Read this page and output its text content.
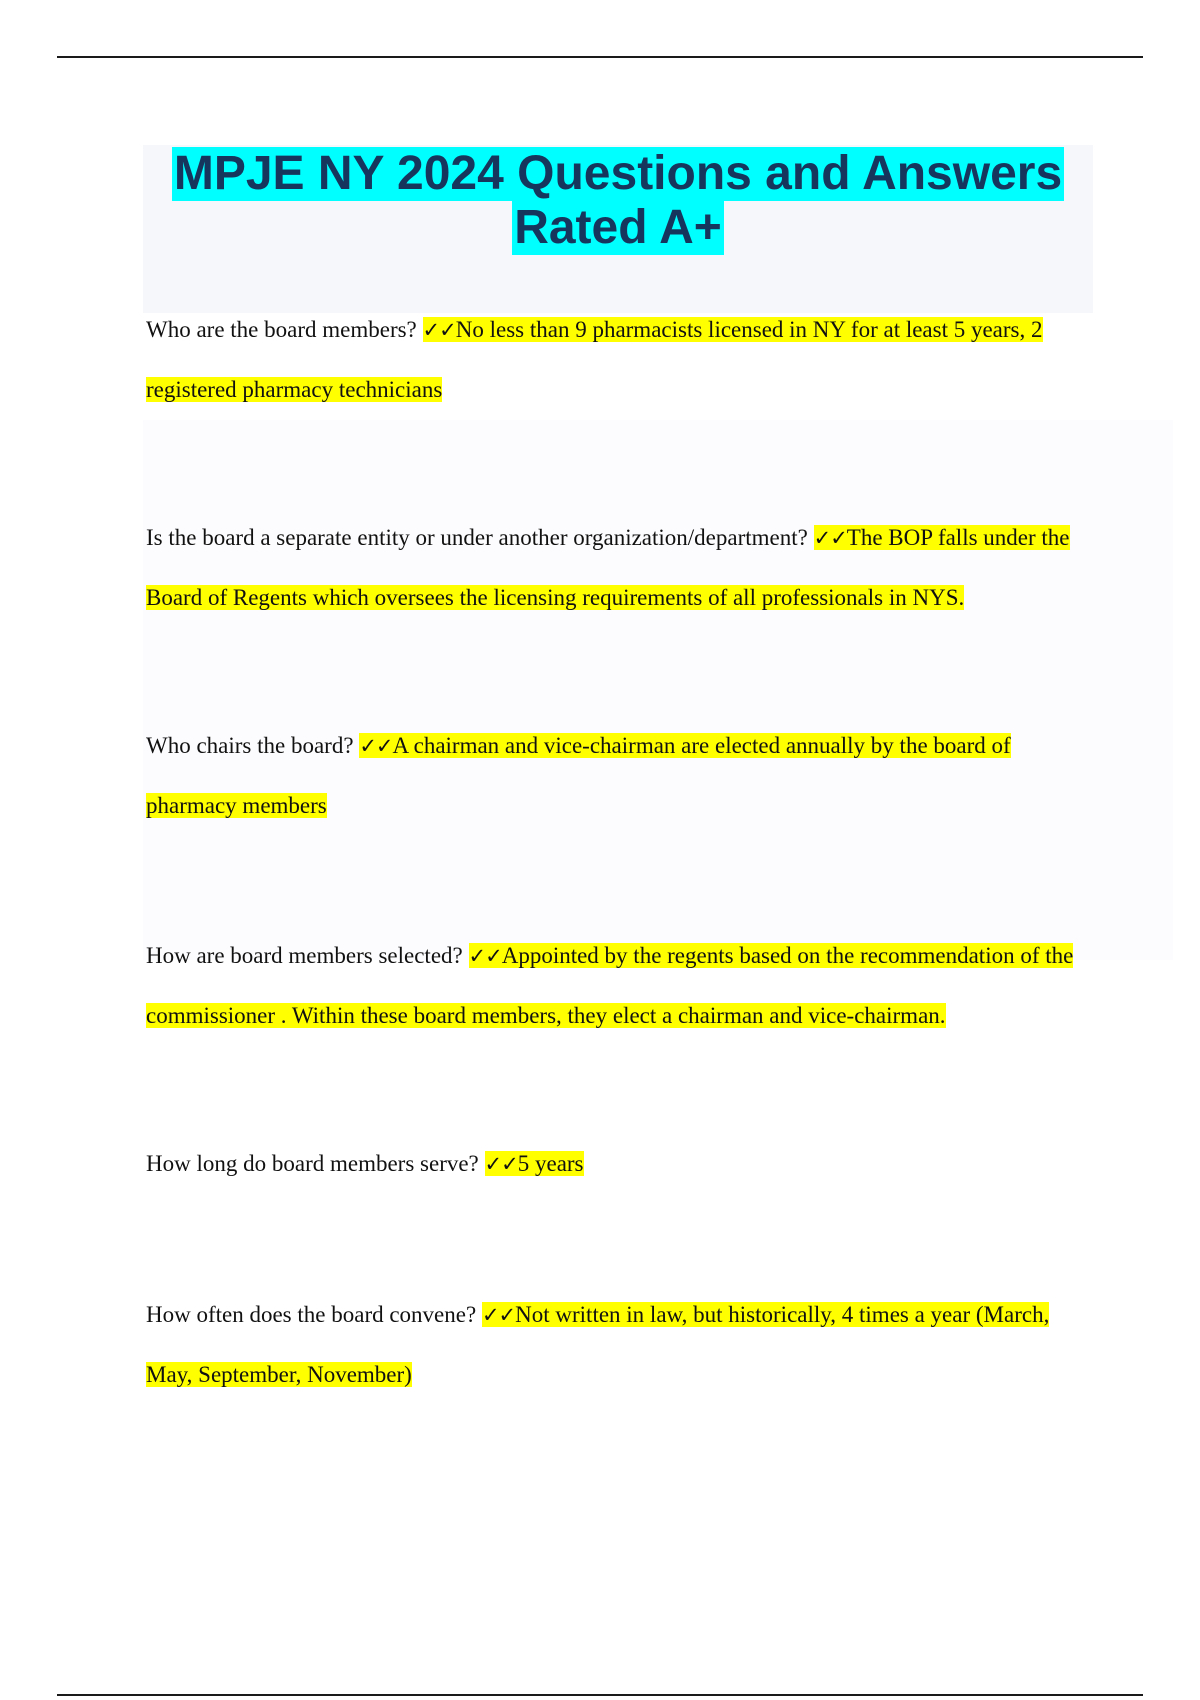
MPJE NY 2024 Questions and Answers
Rated A+

Who are the board members? ✓✓No less than 9 pharmacists licensed in NY for at least 5 years, 2 registered pharmacy technicians

Is the board a separate entity or under another organization/department? ✓✓The BOP falls under the Board of Regents which oversees the licensing requirements of all professionals in NYS.

Who chairs the board? ✓✓A chairman and vice-chairman are elected annually by the board of pharmacy members

How are board members selected? ✓✓Appointed by the regents based on the recommendation of the commissioner . Within these board members, they elect a chairman and vice-chairman.

How long do board members serve? ✓✓5 years

How often does the board convene? ✓✓Not written in law, but historically, 4 times a year (March, May, September, November)
